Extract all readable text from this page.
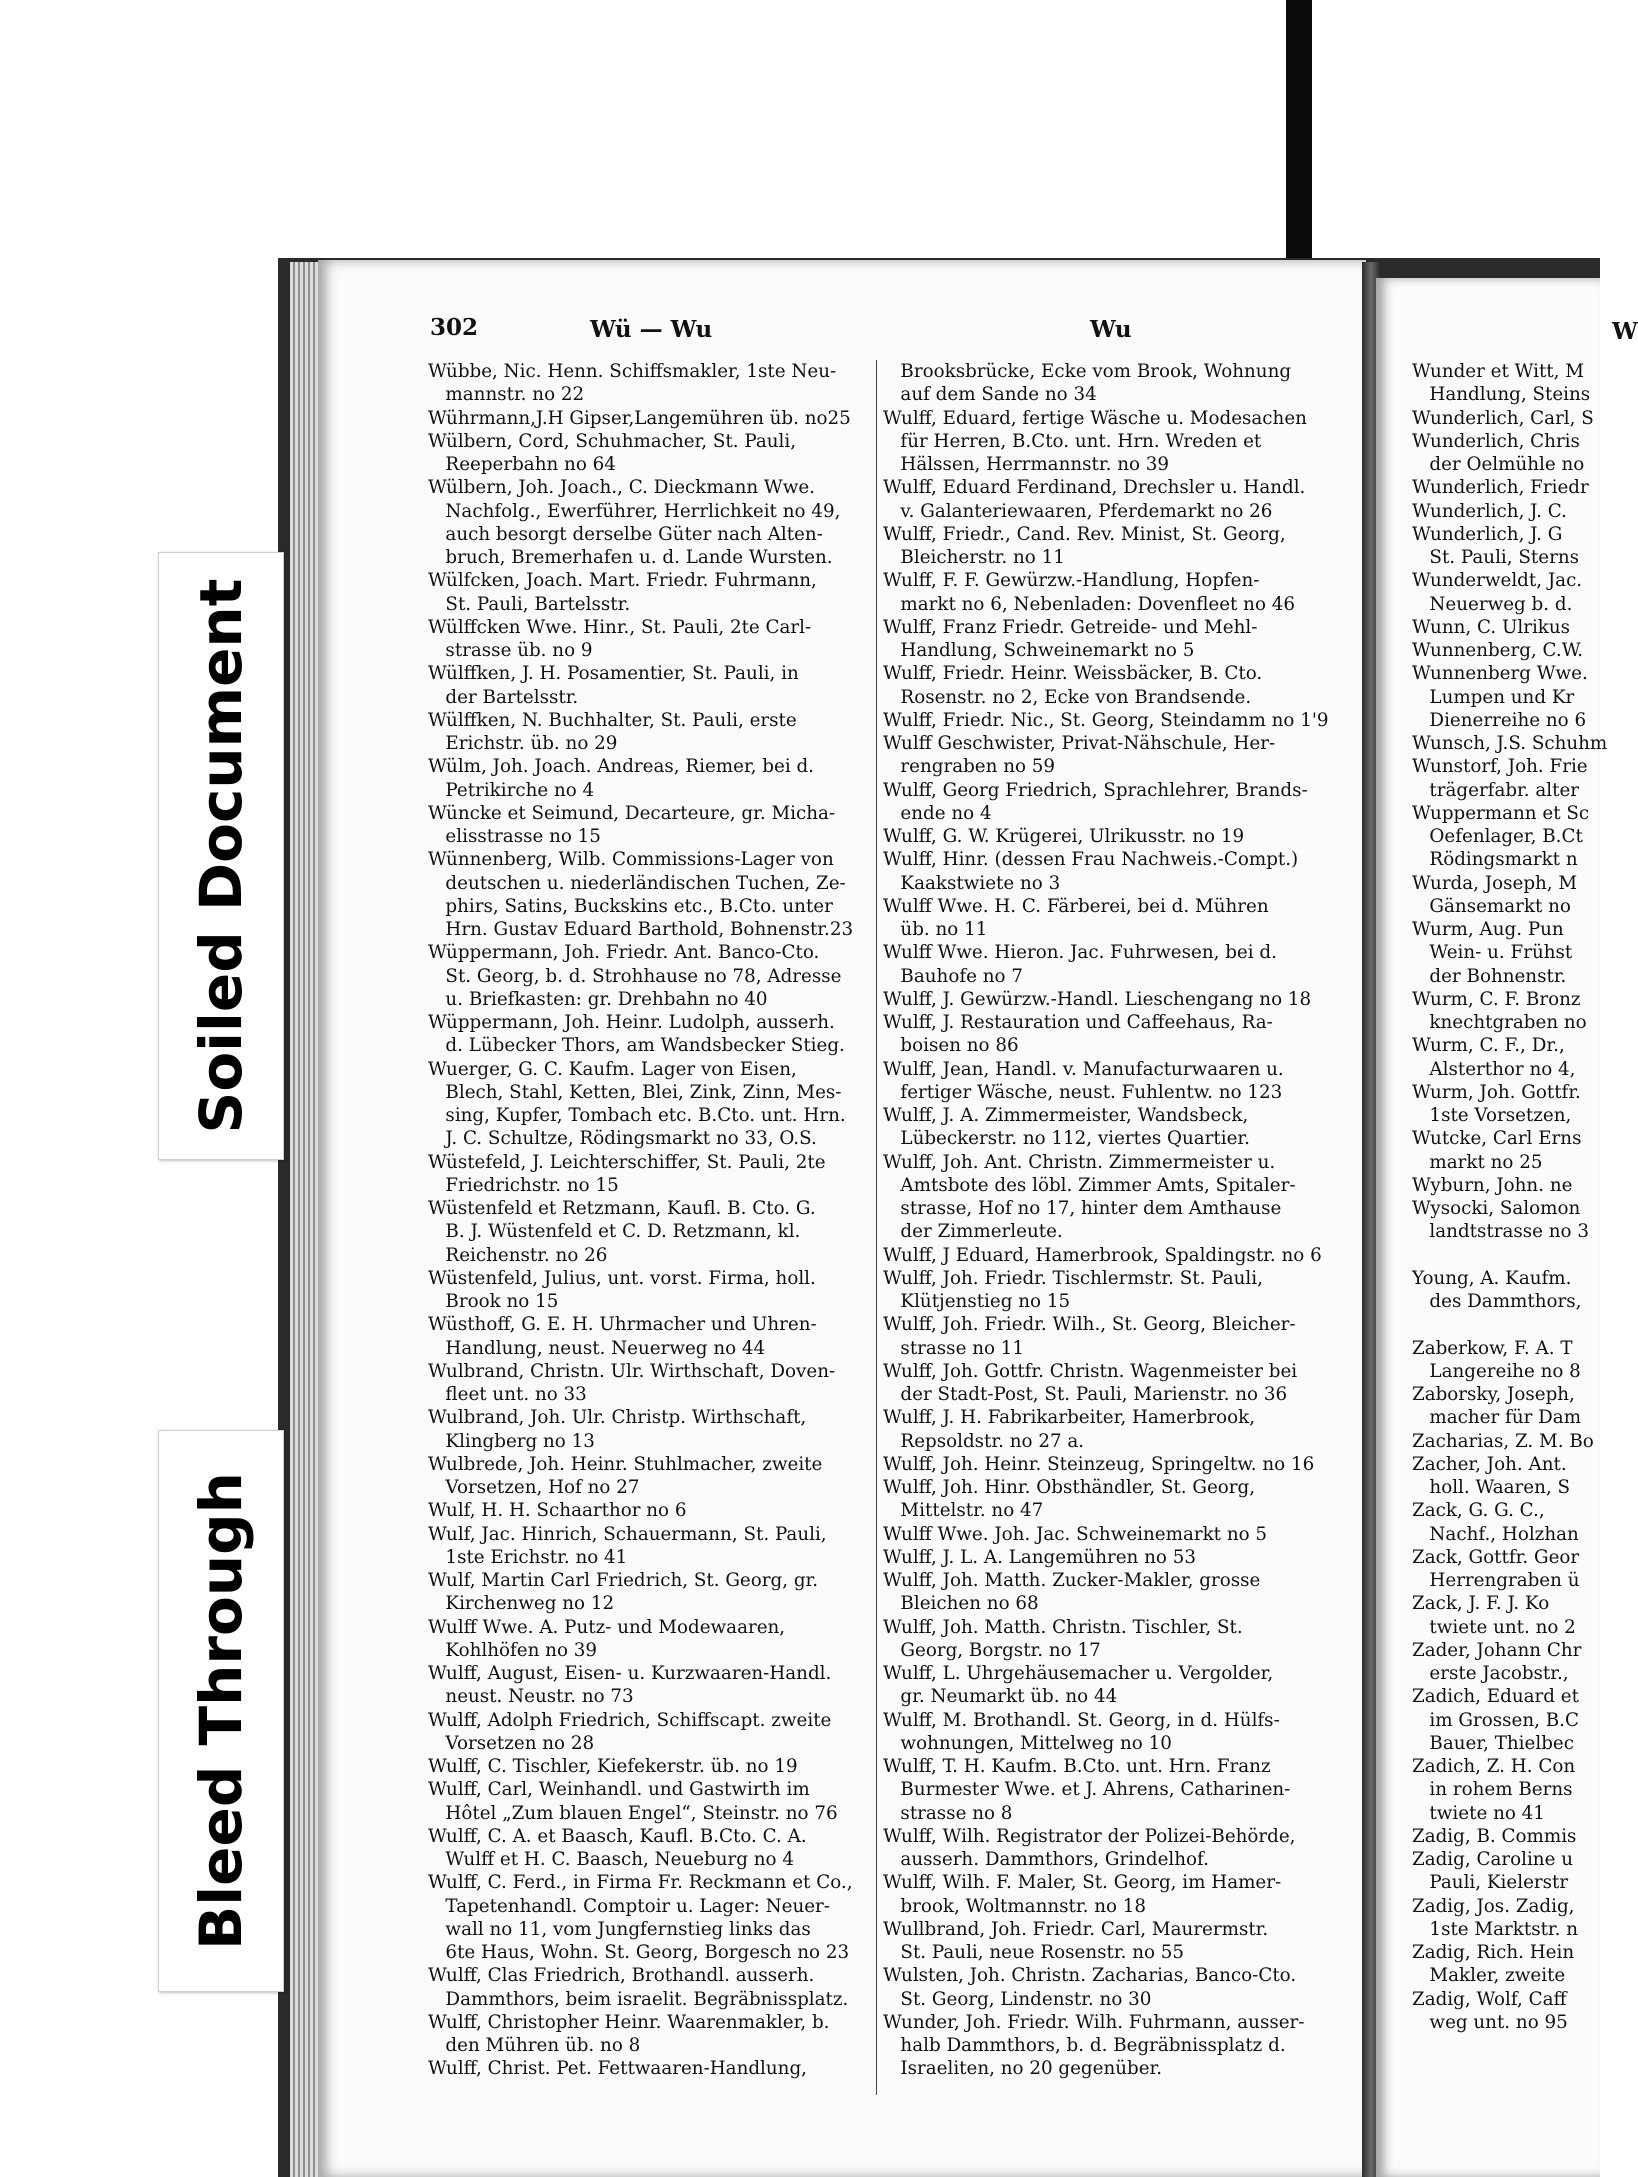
Soiled Document
Bleed Through
302	Wü — Wu	Wu	W
Wübbe, Nic. Henn. Schiffsmakler, 1ste Neu-
mannstr. no 22
Wührmann,J.H Gipser,Langemühren üb. no25
Wülbern, Cord, Schuhmacher, St. Pauli,
Reeperbahn no 64
Wülbern, Joh. Joach., C. Dieckmann Wwe.
Nachfolg., Ewerführer, Herrlichkeit no 49,
auch besorgt derselbe Güter nach Alten-
bruch, Bremerhafen u. d. Lande Wursten.
Wülfcken, Joach. Mart. Friedr. Fuhrmann,
St. Pauli, Bartelsstr.
Wülffcken Wwe. Hinr., St. Pauli, 2te Carl-
strasse üb. no 9
Wülffken, J. H. Posamentier, St. Pauli, in
der Bartelsstr.
Wülffken, N. Buchhalter, St. Pauli, erste
Erichstr. üb. no 29
Wülm, Joh. Joach. Andreas, Riemer, bei d.
Petrikirche no 4
Wüncke et Seimund, Decarteure, gr. Micha-
elisstrasse no 15
Wünnenberg, Wilb. Commissions-Lager von
deutschen u. niederländischen Tuchen, Ze-
phirs, Satins, Buckskins etc., B.Cto. unter
Hrn. Gustav Eduard Barthold, Bohnenstr.23
Wüppermann, Joh. Friedr. Ant. Banco-Cto.
St. Georg, b. d. Strohhause no 78, Adresse
u. Briefkasten: gr. Drehbahn no 40
Wüppermann, Joh. Heinr. Ludolph, ausserh.
d. Lübecker Thors, am Wandsbecker Stieg.
Wuerger, G. C. Kaufm. Lager von Eisen,
Blech, Stahl, Ketten, Blei, Zink, Zinn, Mes-
sing, Kupfer, Tombach etc. B.Cto. unt. Hrn.
J. C. Schultze, Rödingsmarkt no 33, O.S.
Wüstefeld, J. Leichterschiffer, St. Pauli, 2te
Friedrichstr. no 15
Wüstenfeld et Retzmann, Kaufl. B. Cto. G.
B. J. Wüstenfeld et C. D. Retzmann, kl.
Reichenstr. no 26
Wüstenfeld, Julius, unt. vorst. Firma, holl.
Brook no 15
Wüsthoff, G. E. H. Uhrmacher und Uhren-
Handlung, neust. Neuerweg no 44
Wulbrand, Christn. Ulr. Wirthschaft, Doven-
fleet unt. no 33
Wulbrand, Joh. Ulr. Christp. Wirthschaft,
Klingberg no 13
Wulbrede, Joh. Heinr. Stuhlmacher, zweite
Vorsetzen, Hof no 27
Wulf, H. H. Schaarthor no 6
Wulf, Jac. Hinrich, Schauermann, St. Pauli,
1ste Erichstr. no 41
Wulf, Martin Carl Friedrich, St. Georg, gr.
Kirchenweg no 12
Wulff Wwe. A. Putz- und Modewaaren,
Kohlhöfen no 39
Wulff, August, Eisen- u. Kurzwaaren-Handl.
neust. Neustr. no 73
Wulff, Adolph Friedrich, Schiffscapt. zweite
Vorsetzen no 28
Wulff, C. Tischler, Kiefekerstr. üb. no 19
Wulff, Carl, Weinhandl. und Gastwirth im
Hôtel „Zum blauen Engel“, Steinstr. no 76
Wulff, C. A. et Baasch, Kaufl. B.Cto. C. A.
Wulff et H. C. Baasch, Neueburg no 4
Wulff, C. Ferd., in Firma Fr. Reckmann et Co.,
Tapetenhandl. Comptoir u. Lager: Neuer-
wall no 11, vom Jungfernstieg links das
6te Haus, Wohn. St. Georg, Borgesch no 23
Wulff, Clas Friedrich, Brothandl. ausserh.
Dammthors, beim israelit. Begräbnissplatz.
Wulff, Christopher Heinr. Waarenmakler, b.
den Mühren üb. no 8
Wulff, Christ. Pet. Fettwaaren-Handlung,
Brooksbrücke, Ecke vom Brook, Wohnung
auf dem Sande no 34
Wulff, Eduard, fertige Wäsche u. Modesachen
für Herren, B.Cto. unt. Hrn. Wreden et
Hälssen, Herrmannstr. no 39
Wulff, Eduard Ferdinand, Drechsler u. Handl.
v. Galanteriewaaren, Pferdemarkt no 26
Wulff, Friedr., Cand. Rev. Minist, St. Georg,
Bleicherstr. no 11
Wulff, F. F. Gewürzw.-Handlung, Hopfen-
markt no 6, Nebenladen: Dovenfleet no 46
Wulff, Franz Friedr. Getreide- und Mehl-
Handlung, Schweinemarkt no 5
Wulff, Friedr. Heinr. Weissbäcker, B. Cto.
Rosenstr. no 2, Ecke von Brandsende.
Wulff, Friedr. Nic., St. Georg, Steindamm no 1'9
Wulff Geschwister, Privat-Nähschule, Her-
rengraben no 59
Wulff, Georg Friedrich, Sprachlehrer, Brands-
ende no 4
Wulff, G. W. Krügerei, Ulrikusstr. no 19
Wulff, Hinr. (dessen Frau Nachweis.-Compt.)
Kaakstwiete no 3
Wulff Wwe. H. C. Färberei, bei d. Mühren
üb. no 11
Wulff Wwe. Hieron. Jac. Fuhrwesen, bei d.
Bauhofe no 7
Wulff, J. Gewürzw.-Handl. Lieschengang no 18
Wulff, J. Restauration und Caffeehaus, Ra-
boisen no 86
Wulff, Jean, Handl. v. Manufacturwaaren u.
fertiger Wäsche, neust. Fuhlentw. no 123
Wulff, J. A. Zimmermeister, Wandsbeck,
Lübeckerstr. no 112, viertes Quartier.
Wulff, Joh. Ant. Christn. Zimmermeister u.
Amtsbote des löbl. Zimmer Amts, Spitaler-
strasse, Hof no 17, hinter dem Amthause
der Zimmerleute.
Wulff, J Eduard, Hamerbrook, Spaldingstr. no 6
Wulff, Joh. Friedr. Tischlermstr. St. Pauli,
Klütjenstieg no 15
Wulff, Joh. Friedr. Wilh., St. Georg, Bleicher-
strasse no 11
Wulff, Joh. Gottfr. Christn. Wagenmeister bei
der Stadt-Post, St. Pauli, Marienstr. no 36
Wulff, J. H. Fabrikarbeiter, Hamerbrook,
Repsoldstr. no 27 a.
Wulff, Joh. Heinr. Steinzeug, Springeltw. no 16
Wulff, Joh. Hinr. Obsthändler, St. Georg,
Mittelstr. no 47
Wulff Wwe. Joh. Jac. Schweinemarkt no 5
Wulff, J. L. A. Langemühren no 53
Wulff, Joh. Matth. Zucker-Makler, grosse
Bleichen no 68
Wulff, Joh. Matth. Christn. Tischler, St.
Georg, Borgstr. no 17
Wulff, L. Uhrgehäusemacher u. Vergolder,
gr. Neumarkt üb. no 44
Wulff, M. Brothandl. St. Georg, in d. Hülfs-
wohnungen, Mittelweg no 10
Wulff, T. H. Kaufm. B.Cto. unt. Hrn. Franz
Burmester Wwe. et J. Ahrens, Catharinen-
strasse no 8
Wulff, Wilh. Registrator der Polizei-Behörde,
ausserh. Dammthors, Grindelhof.
Wulff, Wilh. F. Maler, St. Georg, im Hamer-
brook, Woltmannstr. no 18
Wullbrand, Joh. Friedr. Carl, Maurermstr.
St. Pauli, neue Rosenstr. no 55
Wulsten, Joh. Christn. Zacharias, Banco-Cto.
St. Georg, Lindenstr. no 30
Wunder, Joh. Friedr. Wilh. Fuhrmann, ausser-
halb Dammthors, b. d. Begräbnissplatz d.
Israeliten, no 20 gegenüber.
Wunder et Witt, M
Handlung, Steins
Wunderlich, Carl, S
Wunderlich, Chris
der Oelmühle no
Wunderlich, Friedr
Wunderlich, J. C.
Wunderlich, J. G
St. Pauli, Sterns
Wunderweldt, Jac.
Neuerweg b. d.
Wunn, C. Ulrikus
Wunnenberg, C.W.
Wunnenberg Wwe.
Lumpen und Kr
Dienerreihe no 6
Wunsch, J.S. Schuhm
Wunstorf, Joh. Frie
trägerfabr. alter
Wuppermann et Sc
Oefenlager, B.Ct
Rödingsmarkt n
Wurda, Joseph, M
Gänsemarkt no
Wurm, Aug. Pun
Wein- u. Frühst
der Bohnenstr.
Wurm, C. F. Bronz
knechtgraben no
Wurm, C. F., Dr.,
Alsterthor no 4,
Wurm, Joh. Gottfr.
1ste Vorsetzen,
Wutcke, Carl Erns
markt no 25
Wyburn, John. ne
Wysocki, Salomon
landtstrasse no 3
Young, A. Kaufm.
des Dammthors,
Zaberkow, F. A. T
Langereihe no 8
Zaborsky, Joseph,
macher für Dam
Zacharias, Z. M. Bo
Zacher, Joh. Ant.
holl. Waaren, S
Zack, G. G. C.,
Nachf., Holzhan
Zack, Gottfr. Geor
Herrengraben ü
Zack, J. F. J. Ko
twiete unt. no 2
Zader, Johann Chr
erste Jacobstr.,
Zadich, Eduard et
im Grossen, B.C
Bauer, Thielbec
Zadich, Z. H. Con
in rohem Berns
twiete no 41
Zadig, B. Commis
Zadig, Caroline u
Pauli, Kielerstr
Zadig, Jos. Zadig,
1ste Marktstr. n
Zadig, Rich. Hein
Makler, zweite
Zadig, Wolf, Caff
weg unt. no 95
